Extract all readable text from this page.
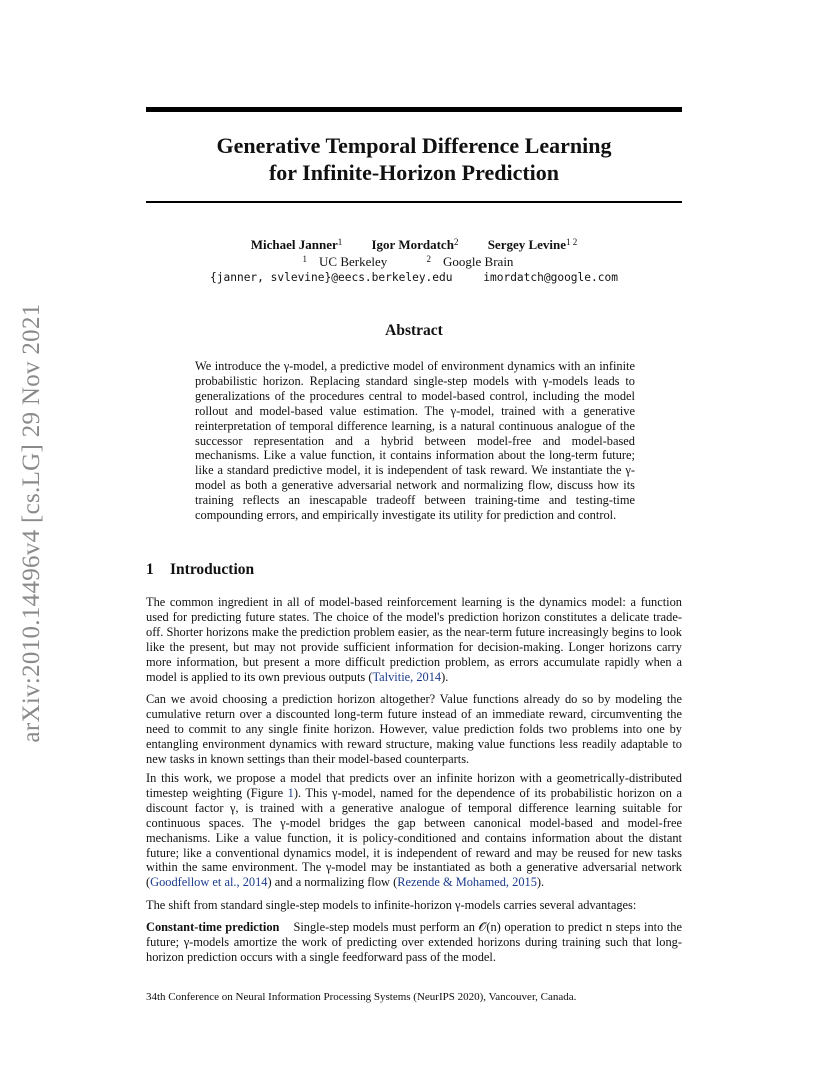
arXiv:2010.14496v4 [cs.LG] 29 Nov 2021
Generative Temporal Difference Learning
for Infinite-Horizon Prediction
Michael Janner$^1$ Igor Mordatch$^2$ Sergey Levine$^{1 2}$
$^1$ UC Berkeley	$^2$ Google Brain
{janner, svlevine}@eecs.berkeley.edu	imordatch@google.com
Abstract
We introduce the γ-model, a predictive model of environment dynamics with an infinite probabilistic horizon. Replacing standard single-step models with γ-models leads to generalizations of the procedures central to model-based control, including the model rollout and model-based value estimation. The γ-model, trained with a generative reinterpretation of temporal difference learning, is a natural continuous analogue of the successor representation and a hybrid between model-free and model-based mechanisms. Like a value function, it contains information about the long-term future; like a standard predictive model, it is independent of task reward. We instantiate the γ-model as both a generative adversarial network and normalizing flow, discuss how its training reflects an inescapable tradeoff between training-time and testing-time compounding errors, and empirically investigate its utility for prediction and control.
1 Introduction

The common ingredient in all of model-based reinforcement learning is the dynamics model: a function used for predicting future states. The choice of the model's prediction horizon constitutes a delicate trade-off. Shorter horizons make the prediction problem easier, as the near-term future increasingly begins to look like the present, but may not provide sufficient information for decision-making. Longer horizons carry more information, but present a more difficult prediction problem, as errors accumulate rapidly when a model is applied to its own previous outputs (Talvitie, 2014).

Can we avoid choosing a prediction horizon altogether? Value functions already do so by modeling the cumulative return over a discounted long-term future instead of an immediate reward, circumventing the need to commit to any single finite horizon. However, value prediction folds two problems into one by entangling environment dynamics with reward structure, making value functions less readily adaptable to new tasks in known settings than their model-based counterparts.

In this work, we propose a model that predicts over an infinite horizon with a geometrically-distributed timestep weighting (Figure 1). This γ-model, named for the dependence of its probabilistic horizon on a discount factor γ, is trained with a generative analogue of temporal difference learning suitable for continuous spaces. The γ-model bridges the gap between canonical model-based and model-free mechanisms. Like a value function, it is policy-conditioned and contains information about the distant future; like a conventional dynamics model, it is independent of reward and may be reused for new tasks within the same environment. The γ-model may be instantiated as both a generative adversarial network (Goodfellow et al., 2014) and a normalizing flow (Rezende & Mohamed, 2015).

The shift from standard single-step models to infinite-horizon γ-models carries several advantages:

Constant-time prediction Single-step models must perform an 𝒪(n) operation to predict n steps into the future; γ-models amortize the work of predicting over extended horizons during training such that long-horizon prediction occurs with a single feedforward pass of the model.

34th Conference on Neural Information Processing Systems (NeurIPS 2020), Vancouver, Canada.
